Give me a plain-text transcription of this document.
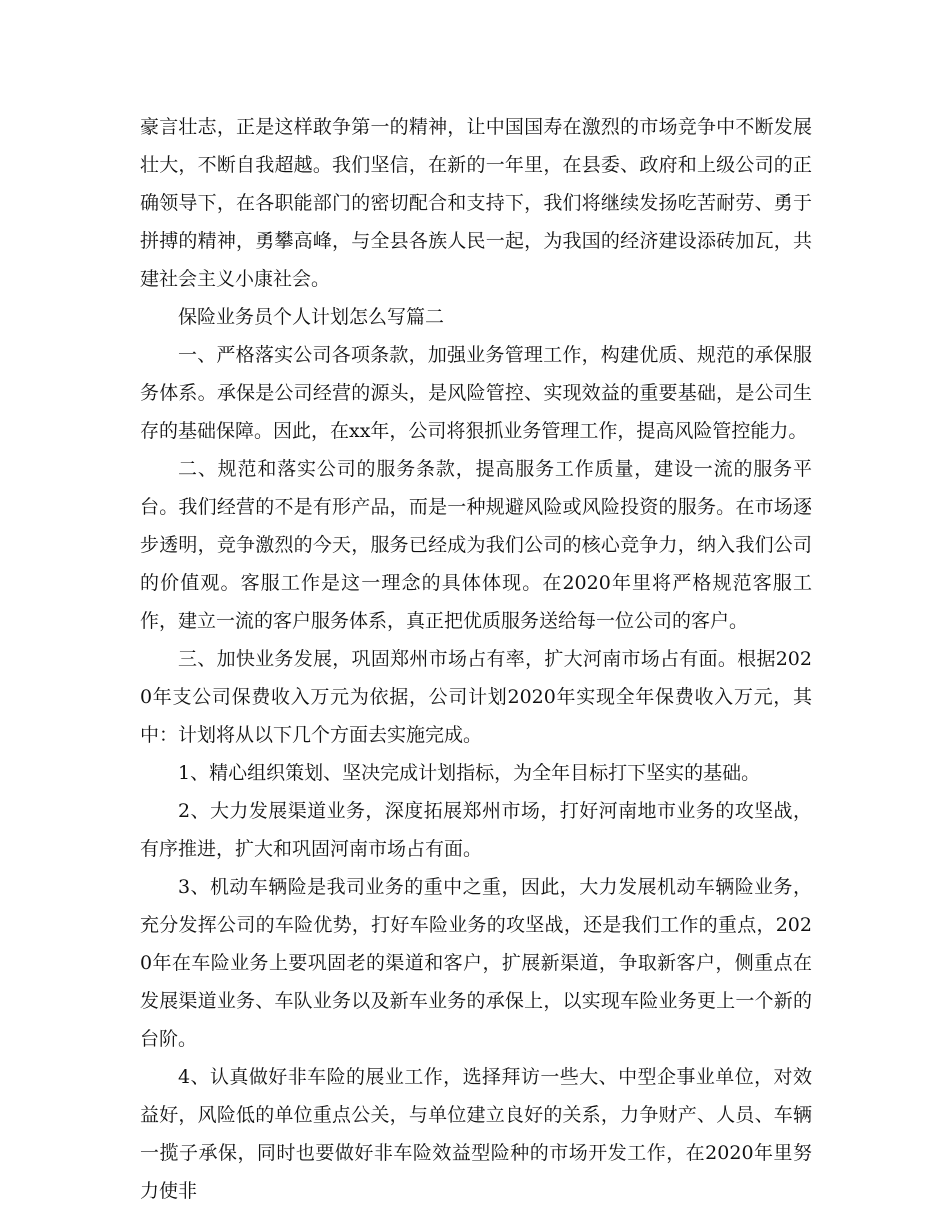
豪言壮志，正是这样敢争第一的精神，让中国国寿在激烈的市场竞争中不断发展壮大，不断自我超越。我们坚信，在新的一年里，在县委、政府和上级公司的正确领导下，在各职能部门的密切配合和支持下，我们将继续发扬吃苦耐劳、勇于拼搏的精神，勇攀高峰，与全县各族人民一起，为我国的经济建设添砖加瓦，共建社会主义小康社会。

保险业务员个人计划怎么写篇二

一、严格落实公司各项条款，加强业务管理工作，构建优质、规范的承保服务体系。承保是公司经营的源头，是风险管控、实现效益的重要基础，是公司生存的基础保障。因此，在xx年，公司将狠抓业务管理工作，提高风险管控能力。

二、规范和落实公司的服务条款，提高服务工作质量，建设一流的服务平台。我们经营的不是有形产品，而是一种规避风险或风险投资的服务。在市场逐步透明，竞争激烈的今天，服务已经成为我们公司的核心竞争力，纳入我们公司的价值观。客服工作是这一理念的具体体现。在2020年里将严格规范客服工作，建立一流的客户服务体系，真正把优质服务送给每一位公司的客户。

三、加快业务发展，巩固郑州市场占有率，扩大河南市场占有面。根据2020年支公司保费收入万元为依据，公司计划2020年实现全年保费收入万元，其中：计划将从以下几个方面去实施完成。

1、精心组织策划、坚决完成计划指标，为全年目标打下坚实的基础。

2、大力发展渠道业务，深度拓展郑州市场，打好河南地市业务的攻坚战，有序推进，扩大和巩固河南市场占有面。

3、机动车辆险是我司业务的重中之重，因此，大力发展机动车辆险业务，充分发挥公司的车险优势，打好车险业务的攻坚战，还是我们工作的重点，2020年在车险业务上要巩固老的渠道和客户，扩展新渠道，争取新客户，侧重点在发展渠道业务、车队业务以及新车业务的承保上，以实现车险业务更上一个新的台阶。

4、认真做好非车险的展业工作，选择拜访一些大、中型企事业单位，对效益好，风险低的单位重点公关，与单位建立良好的关系，力争财产、人员、车辆一揽子承保，同时也要做好非车险效益型险种的市场开发工作，在2020年里努力使非
